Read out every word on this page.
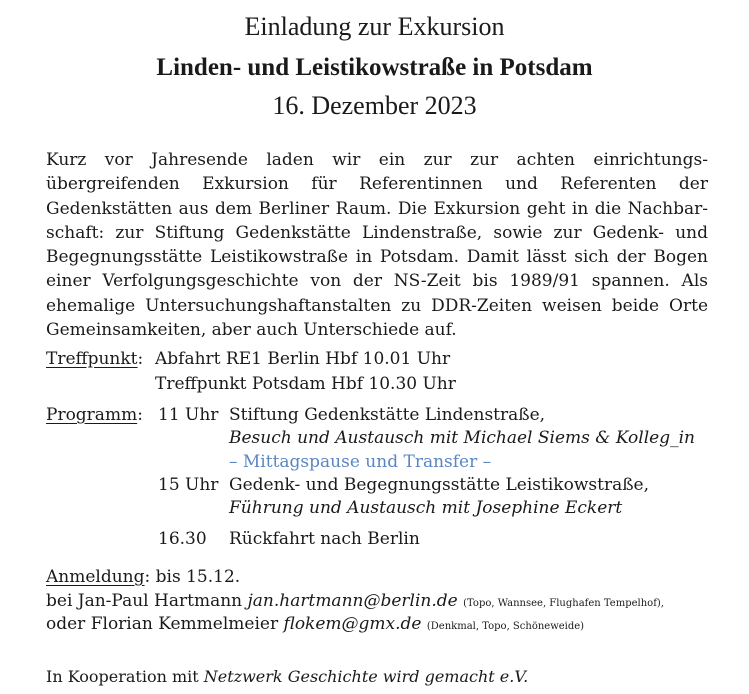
Einladung zur Exkursion
Linden- und Leistikowstraße in Potsdam
16. Dezember 2023
Kurz vor Jahresende laden wir ein zur zur achten einrichtungs- übergreifenden Exkursion für Referentinnen und Referenten der Gedenkstätten aus dem Berliner Raum. Die Exkursion geht in die Nachbar- schaft: zur Stiftung Gedenkstätte Lindenstraße, sowie zur Gedenk- und Begegnungsstätte Leistikowstraße in Potsdam. Damit lässt sich der Bogen einer Verfolgungsgeschichte von der NS-Zeit bis 1989/91 spannen. Als ehemalige Untersuchungshaftanstalten zu DDR-Zeiten weisen beide Orte Gemeinsamkeiten, aber auch Unterschiede auf.
Treffpunkt: Abfahrt RE1 Berlin Hbf 10.01 Uhr
Treffpunkt Potsdam Hbf 10.30 Uhr
Programm: 11 Uhr Stiftung Gedenkstätte Lindenstraße,
Besuch und Austausch mit Michael Siems & Kolleg_in
– Mittagspause und Transfer –
15 Uhr Gedenk- und Begegnungsstätte Leistikowstraße,
Führung und Austausch mit Josephine Eckert
16.30 Rückfahrt nach Berlin
Anmeldung: bis 15.12.
bei Jan-Paul Hartmann jan.hartmann@berlin.de (Topo, Wannsee, Flughafen Tempelhof),
oder Florian Kemmelmeier flokem@gmx.de (Denkmal, Topo, Schöneweide)
In Kooperation mit Netzwerk Geschichte wird gemacht e.V.
